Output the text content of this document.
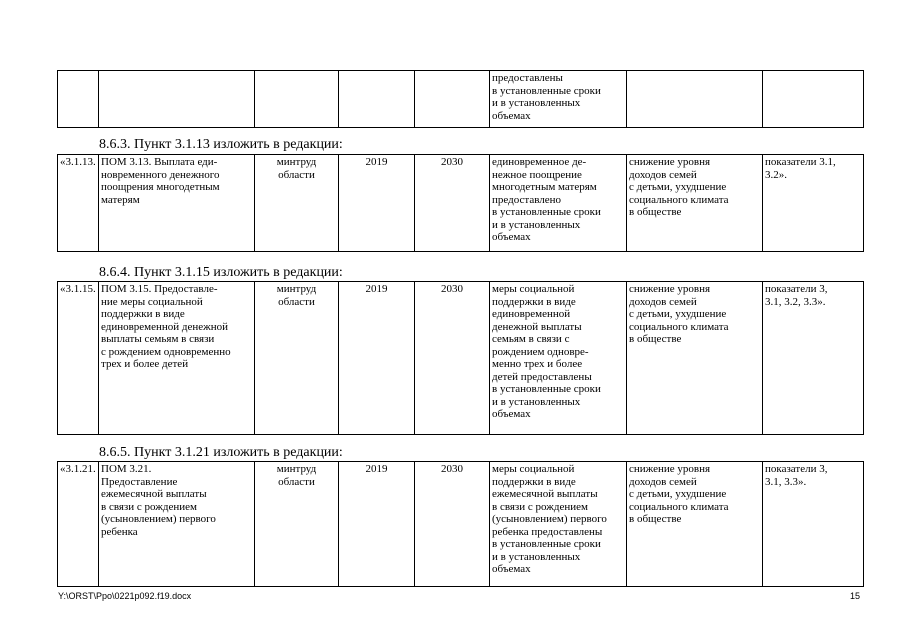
					предоставлены
в установленные сроки
и в установленных
объемах		
8.6.3. Пункт 3.1.13 изложить в редакции:
«3.1.13.	ПОМ 3.13. Выплата еди-
новременного денежного
поощрения многодетным
матерям	минтруд
области	2019	2030	единовременное де-
нежное поощрение
многодетным матерям
предоставлено
в установленные сроки
и в установленных
объемах	снижение уровня
доходов семей
с детьми, ухудшение
социального климата
в обществе	показатели 3.1,
3.2».
8.6.4. Пункт 3.1.15 изложить в редакции:
«3.1.15.	ПОМ 3.15. Предоставле-
ние меры социальной
поддержки в виде
единовременной денежной
выплаты семьям в связи
с рождением одновременно
трех и более детей	минтруд
области	2019	2030	меры социальной
поддержки в виде
единовременной
денежной выплаты
семьям в связи с
рождением одновре-
менно трех и более
детей предоставлены
в установленные сроки
и в установленных
объемах	снижение уровня
доходов семей
с детьми, ухудшение
социального климата
в обществе	показатели 3,
3.1, 3.2, 3.3».
8.6.5. Пункт 3.1.21 изложить в редакции:
«3.1.21.	ПОМ 3.21.
Предоставление
ежемесячной выплаты
в связи с рождением
(усыновлением) первого
ребенка	минтруд
области	2019	2030	меры социальной
поддержки в виде
ежемесячной выплаты
в связи с рождением
(усыновлением) первого
ребенка предоставлены
в установленные сроки
и в установленных
объемах	снижение уровня
доходов семей
с детьми, ухудшение
социального климата
в обществе	показатели 3,
3.1, 3.3».
Y:\ORST\Ppo\0221p092.f19.docx	15
